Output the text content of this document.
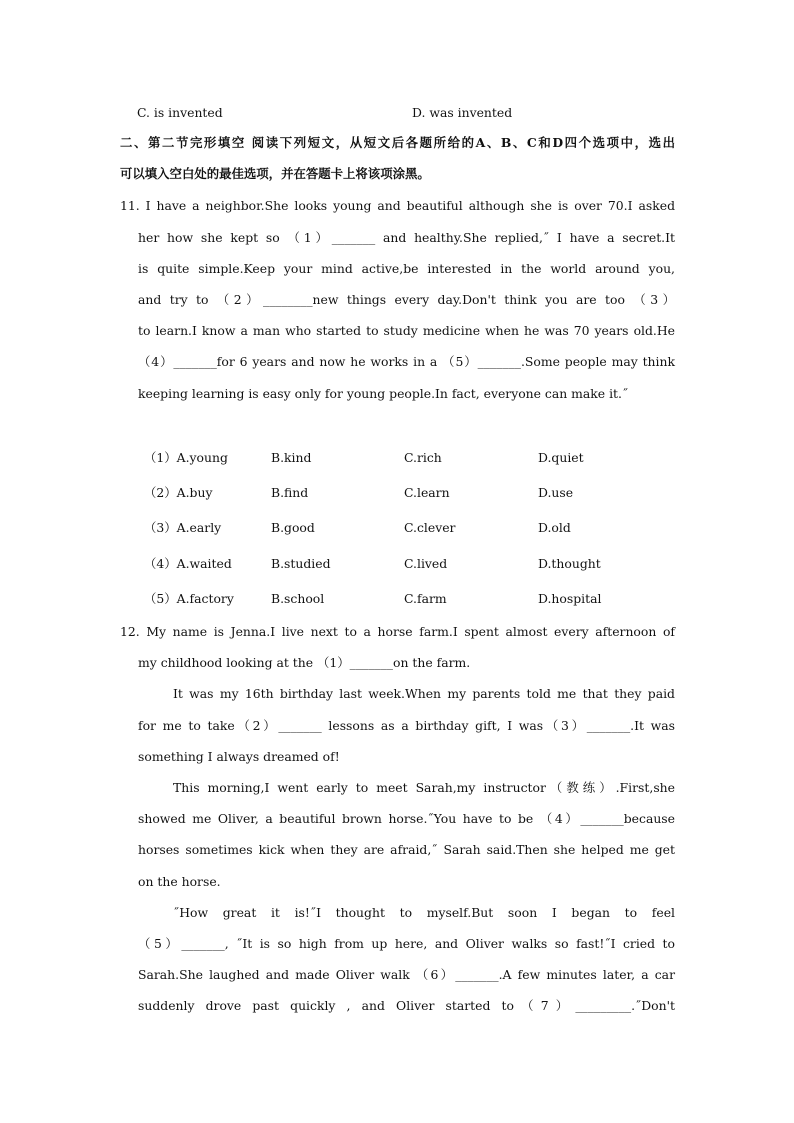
C. is invented	D. was invented
二、第二节完形填空 阅读下列短文，从短文后各题所给的A、B、C和D四个选项中，选出
可以填入空白处的最佳选项，并在答题卡上将该项涂黑。
11. I have a neighbor.She looks young and beautiful although she is over 70.I asked
her how she kept so （1）_______ and healthy.She replied,˝ I have a secret.It
is quite simple.Keep your mind active,be interested in the world around you,
and try to （2）________new things every day.Don't think you are too （3）
to learn.I know a man who started to study medicine when he was 70 years old.He
（4）_______for 6 years and now he works in a （5）_______.Some people may think
keeping learning is easy only for young people.In fact, everyone can make it.˝
（1）A.young	B.kind	C.rich	D.quiet
（2）A.buy	B.find	C.learn	D.use
（3）A.early	B.good	C.clever	D.old
（4）A.waited	B.studied	C.lived	D.thought
（5）A.factory	B.school	C.farm	D.hospital
12. My name is Jenna.I live next to a horse farm.I spent almost every afternoon of
my childhood looking at the （1）_______on the farm.
It was my 16th birthday last week.When my parents told me that they paid
for me to take（2）_______ lessons as a birthday gift, I was（3）_______.It was
something I always dreamed of!
This morning,I went early to meet Sarah,my instructor（教练）.First,she
showed me Oliver, a beautiful brown horse.˝You have to be （4）_______because
horses sometimes kick when they are afraid,˝ Sarah said.Then she helped me get
on the horse.
˝How great it is!˝I thought to myself.But soon I began to feel
（5）_______, ˝It is so high from up here, and Oliver walks so fast!˝I cried to
Sarah.She laughed and made Oliver walk （6）_______.A few minutes later, a car
suddenly drove past quickly , and Oliver started to（7）_________.˝Don't
